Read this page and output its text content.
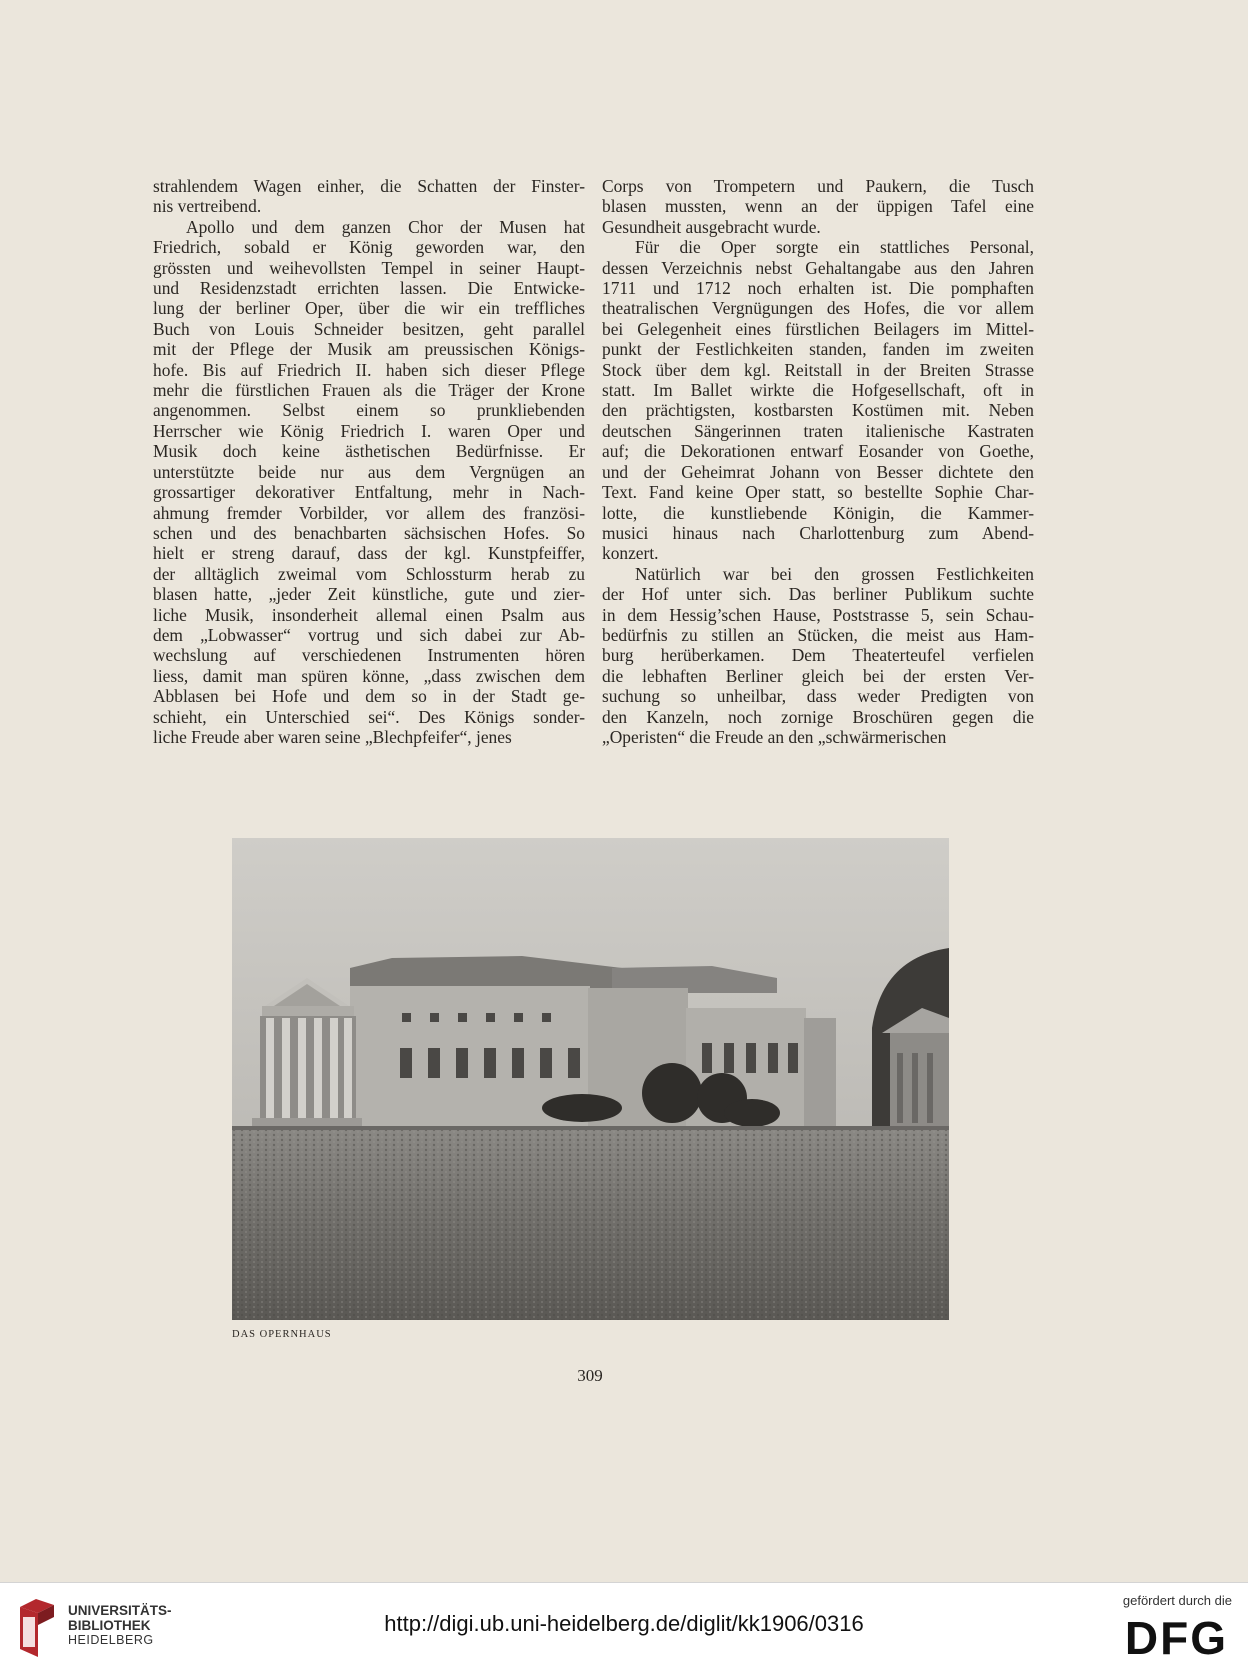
strahlendem Wagen einher, die Schatten der Finster-
nis vertreibend.

Apollo und dem ganzen Chor der Musen hat
Friedrich, sobald er König geworden war, den
grössten und weihevollsten Tempel in seiner Haupt-
und Residenzstadt errichten lassen. Die Entwicke-
lung der berliner Oper, über die wir ein treffliches
Buch von Louis Schneider besitzen, geht parallel
mit der Pflege der Musik am preussischen Königs-
hofe. Bis auf Friedrich II. haben sich dieser Pflege
mehr die fürstlichen Frauen als die Träger der Krone
angenommen. Selbst einem so prunkliebenden
Herrscher wie König Friedrich I. waren Oper und
Musik doch keine ästhetischen Bedürfnisse. Er
unterstützte beide nur aus dem Vergnügen an
grossartiger dekorativer Entfaltung, mehr in Nach-
ahmung fremder Vorbilder, vor allem des französi-
schen und des benachbarten sächsischen Hofes. So
hielt er streng darauf, dass der kgl. Kunstpfeiffer,
der alltäglich zweimal vom Schlossturm herab zu
blasen hatte, „jeder Zeit künstliche, gute und zier-
liche Musik, insonderheit allemal einen Psalm aus
dem „Lobwasser“ vortrug und sich dabei zur Ab-
wechslung auf verschiedenen Instrumenten hören
liess, damit man spüren könne, „dass zwischen dem
Abblasen bei Hofe und dem so in der Stadt ge-
schieht, ein Unterschied sei“. Des Königs sonder-
liche Freude aber waren seine „Blechpfeifer“, jenes

Corps von Trompetern und Paukern, die Tusch
blasen mussten, wenn an der üppigen Tafel eine
Gesundheit ausgebracht wurde.

Für die Oper sorgte ein stattliches Personal,
dessen Verzeichnis nebst Gehaltangabe aus den Jahren
1711 und 1712 noch erhalten ist. Die pomphaften
theatralischen Vergnügungen des Hofes, die vor allem
bei Gelegenheit eines fürstlichen Beilagers im Mittel-
punkt der Festlichkeiten standen, fanden im zweiten
Stock über dem kgl. Reitstall in der Breiten Strasse
statt. Im Ballet wirkte die Hofgesellschaft, oft in
den prächtigsten, kostbarsten Kostümen mit. Neben
deutschen Sängerinnen traten italienische Kastraten
auf; die Dekorationen entwarf Eosander von Goethe,
und der Geheimrat Johann von Besser dichtete den
Text. Fand keine Oper statt, so bestellte Sophie Char-
lotte, die kunstliebende Königin, die Kammer-
musici hinaus nach Charlottenburg zum Abend-
konzert.

Natürlich war bei den grossen Festlichkeiten
der Hof unter sich. Das berliner Publikum suchte
in dem Hessig’schen Hause, Poststrasse 5, sein Schau-
bedürfnis zu stillen an Stücken, die meist aus Ham-
burg herüberkamen. Dem Theaterteufel verfielen
die lebhaften Berliner gleich bei der ersten Ver-
suchung so unheilbar, dass weder Predigten von
den Kanzeln, noch zornige Broschüren gegen die
„Operisten“ die Freude an den „schwärmerischen

DAS OPERNHAUS
309
UNIVERSITÄTS-
BIBLIOTHEK
HEIDELBERG
http://digi.ub.uni-heidelberg.de/diglit/kk1906/0316
gefördert durch die
DFG
